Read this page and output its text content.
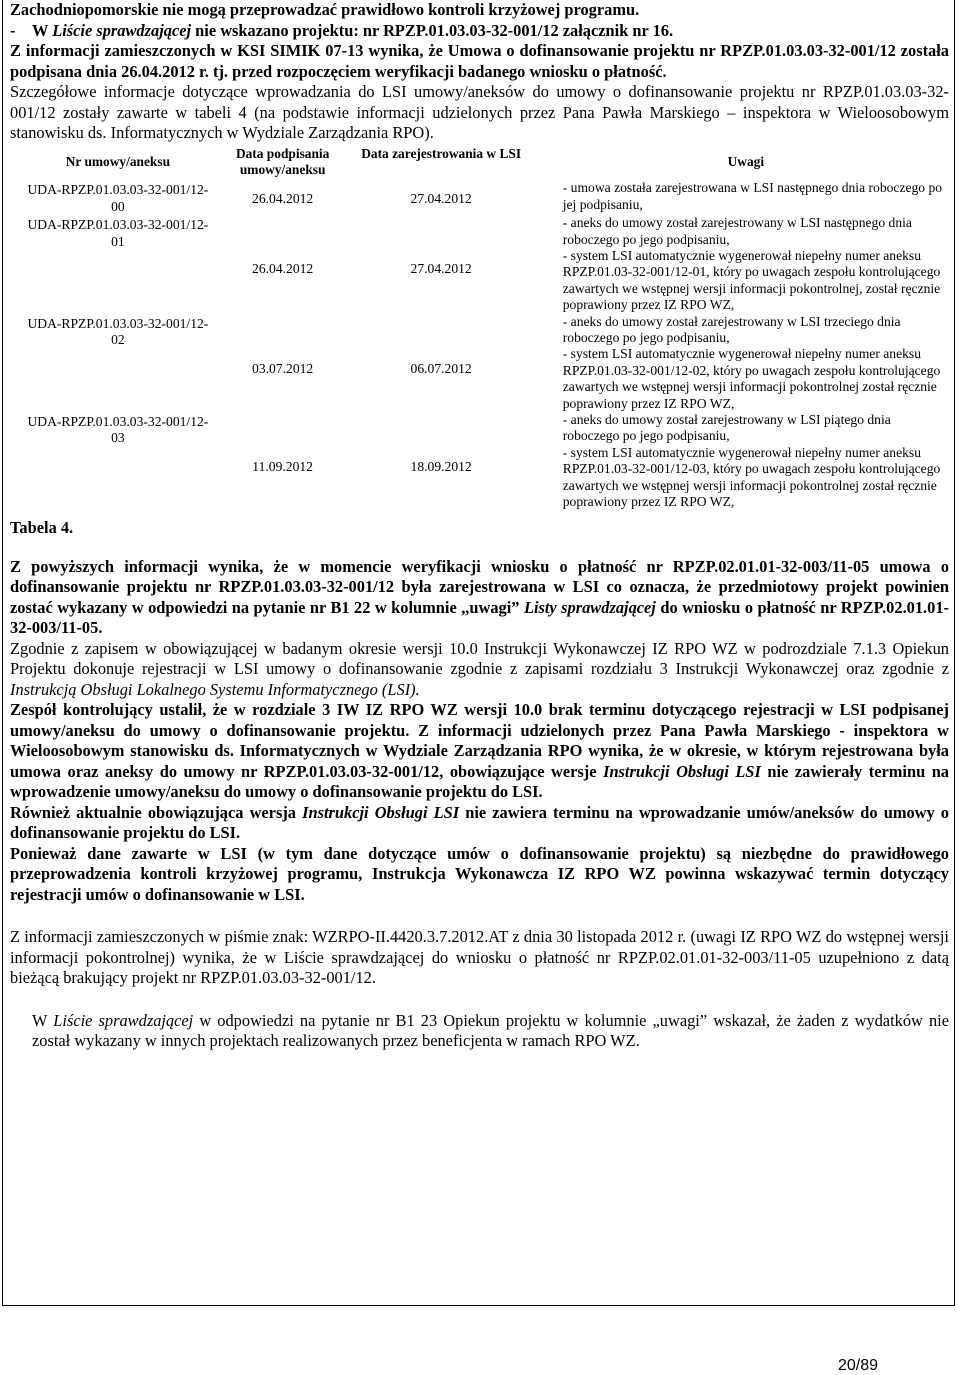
Zachodniopomorskie nie mogą przeprowadzać prawidłowo kontroli krzyżowej programu.

- W Liście sprawdzającej nie wskazano projektu: nr RPZP.01.03.03-32-001/12 załącznik nr 16.

Z informacji zamieszczonych w KSI SIMIK 07-13 wynika, że Umowa o dofinansowanie projektu nr RPZP.01.03.03-32-001/12 została podpisana dnia 26.04.2012 r. tj. przed rozpoczęciem weryfikacji badanego wniosku o płatność.

Szczegółowe informacje dotyczące wprowadzania do LSI umowy/aneksów do umowy o dofinansowanie projektu nr RPZP.01.03.03-32-001/12 zostały zawarte w tabeli 4 (na podstawie informacji udzielonych przez Pana Pawła Marskiego – inspektora w Wieloosobowym stanowisku ds. Informatycznych w Wydziale Zarządzania RPO).

Nr umowy/aneksu	Data podpisania umowy/aneksu	Data zarejestrowania w LSI	Uwagi
UDA-RPZP.01.03.03-32-001/12-00	26.04.2012	27.04.2012	- umowa została zarejestrowana w LSI następnego dnia roboczego po jej podpisaniu,
UDA-RPZP.01.03.03-32-001/12-01	26.04.2012	27.04.2012	- aneks do umowy został zarejestrowany w LSI następnego dnia roboczego po jego podpisaniu,
- system LSI automatycznie wygenerował niepełny numer aneksu RPZP.01.03-32-001/12-01, który po uwagach zespołu kontrolującego zawartych we wstępnej wersji informacji pokontrolnej, został ręcznie poprawiony przez IZ RPO WZ,
UDA-RPZP.01.03.03-32-001/12-02	03.07.2012	06.07.2012	- aneks do umowy został zarejestrowany w LSI trzeciego dnia roboczego po jego podpisaniu,
- system LSI automatycznie wygenerował niepełny numer aneksu RPZP.01.03-32-001/12-02, który po uwagach zespołu kontrolującego zawartych we wstępnej wersji informacji pokontrolnej został ręcznie poprawiony przez IZ RPO WZ,
UDA-RPZP.01.03.03-32-001/12-03	11.09.2012	18.09.2012	- aneks do umowy został zarejestrowany w LSI piątego dnia roboczego po jego podpisaniu,
- system LSI automatycznie wygenerował niepełny numer aneksu RPZP.01.03-32-001/12-03, który po uwagach zespołu kontrolującego zawartych we wstępnej wersji informacji pokontrolnej został ręcznie poprawiony przez IZ RPO WZ,
Tabela 4.

Z powyższych informacji wynika, że w momencie weryfikacji wniosku o płatność nr RPZP.02.01.01-32-003/11-05 umowa o dofinansowanie projektu nr RPZP.01.03.03-32-001/12 była zarejestrowana w LSI co oznacza, że przedmiotowy projekt powinien zostać wykazany w odpowiedzi na pytanie nr B1 22 w kolumnie ,,uwagi” Listy sprawdzającej do wniosku o płatność nr RPZP.02.01.01-32-003/11-05.

Zgodnie z zapisem w obowiązującej w badanym okresie wersji 10.0 Instrukcji Wykonawczej IZ RPO WZ w podrozdziale 7.1.3 Opiekun Projektu dokonuje rejestracji w LSI umowy o dofinansowanie zgodnie z zapisami rozdziału 3 Instrukcji Wykonawczej oraz zgodnie z Instrukcją Obsługi Lokalnego Systemu Informatycznego (LSI).

Zespół kontrolujący ustalił, że w rozdziale 3 IW IZ RPO WZ wersji 10.0 brak terminu dotyczącego rejestracji w LSI podpisanej umowy/aneksu do umowy o dofinansowanie projektu. Z informacji udzielonych przez Pana Pawła Marskiego - inspektora w Wieloosobowym stanowisku ds. Informatycznych w Wydziale Zarządzania RPO wynika, że w okresie, w którym rejestrowana była umowa oraz aneksy do umowy nr RPZP.01.03.03-32-001/12, obowiązujące wersje Instrukcji Obsługi LSI nie zawierały terminu na wprowadzenie umowy/aneksu do umowy o dofinansowanie projektu do LSI.

Również aktualnie obowiązująca wersja Instrukcji Obsługi LSI nie zawiera terminu na wprowadzanie umów/aneksów do umowy o dofinansowanie projektu do LSI.

Ponieważ dane zawarte w LSI (w tym dane dotyczące umów o dofinansowanie projektu) są niezbędne do prawidłowego przeprowadzenia kontroli krzyżowej programu, Instrukcja Wykonawcza IZ RPO WZ powinna wskazywać termin dotyczący rejestracji umów o dofinansowanie w LSI.

Z informacji zamieszczonych w piśmie znak: WZRPO-II.4420.3.7.2012.AT z dnia 30 listopada 2012 r. (uwagi IZ RPO WZ do wstępnej wersji informacji pokontrolnej) wynika, że w Liście sprawdzającej do wniosku o płatność nr RPZP.02.01.01-32-003/11-05 uzupełniono z datą bieżącą brakujący projekt nr RPZP.01.03.03-32-001/12.

W Liście sprawdzającej w odpowiedzi na pytanie nr B1 23 Opiekun projektu w kolumnie „uwagi” wskazał, że żaden z wydatków nie został wykazany w innych projektach realizowanych przez beneficjenta w ramach RPO WZ.

20/89
